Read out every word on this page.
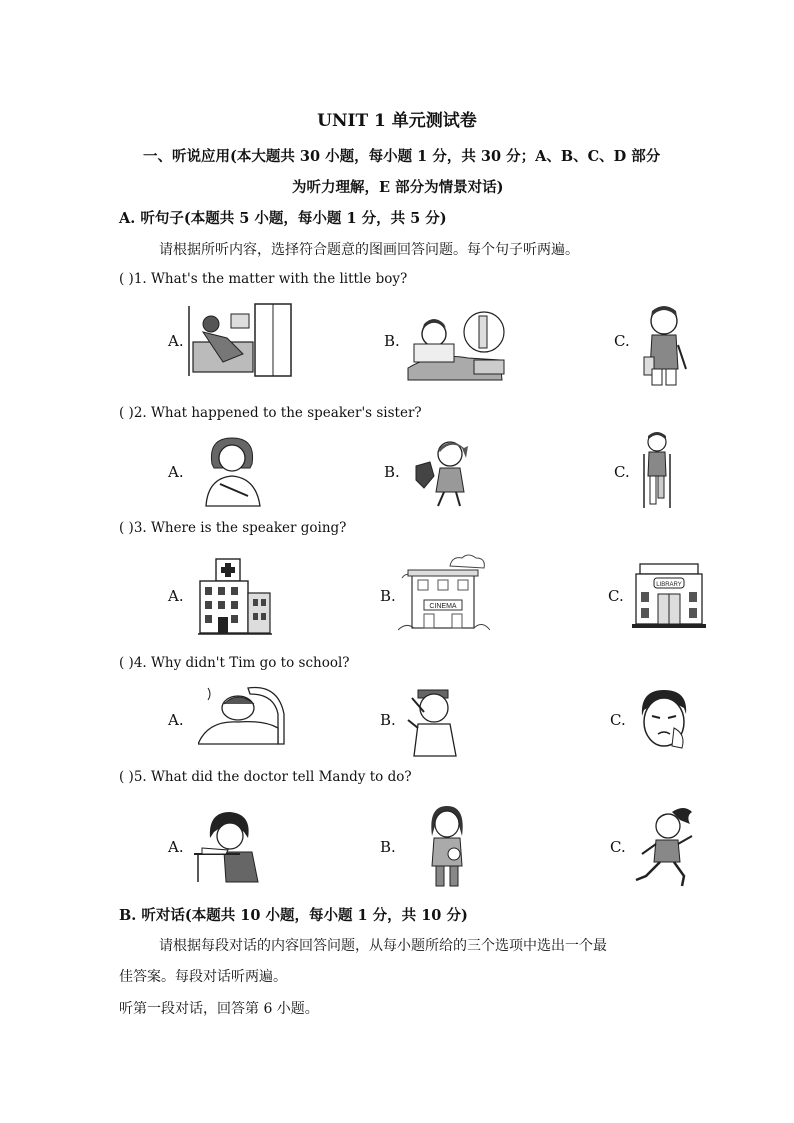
UNIT 1 单元测试卷
一、听说应用(本大题共 30 小题，每小题 1 分，共 30 分；A、B、C、D 部分
为听力理解，E 部分为情景对话)
A. 听句子(本题共 5 小题，每小题 1 分，共 5 分)
请根据所听内容，选择符合题意的图画回答问题。每个句子听两遍。
( )1. What's the matter with the little boy?
A.	B.	C.
( )2. What happened to the speaker's sister?
A.	B.	C.
( )3. Where is the speaker going?
A.	B.	C.
CINEMA
LIBRARY
( )4. Why didn't Tim go to school?
A.	B.	C.
( )5. What did the doctor tell Mandy to do?
A.	B.	C.
B. 听对话(本题共 10 小题，每小题 1 分，共 10 分)
请根据每段对话的内容回答问题，从每小题所给的三个选项中选出一个最
佳答案。每段对话听两遍。
听第一段对话，回答第 6 小题。
